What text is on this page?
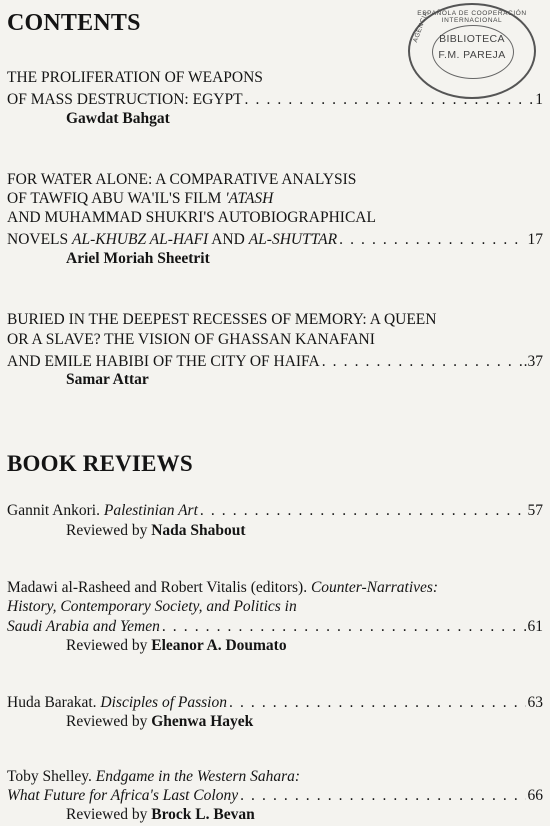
CONTENTS	ESPAÑOLA DE COOPERACIÓN INTERNACIONAL
AGENCIA BIBLIOTECA
F.M. PAREJA
THE PROLIFERATION OF WEAPONS
OF MASS DESTRUCTION: EGYPT . . .	1
Gawdat Bahgat
FOR WATER ALONE: A COMPARATIVE ANALYSIS
OF TAWFIQ ABU WA'IL'S FILM 'ATASH
AND MUHAMMAD SHUKRI'S AUTOBIOGRAPHICAL
NOVELS AL-KHUBZ AL-HAFI AND AL-SHUTTAR . . .	17
Ariel Moriah Sheetrit
BURIED IN THE DEEPEST RECESSES OF MEMORY: A QUEEN
OR A SLAVE? THE VISION OF GHASSAN KANAFANI
AND EMILE HABIBI OF THE CITY OF HAIFA . . .	.37
Samar Attar
BOOK REVIEWS
Gannit Ankori. Palestinian Art . . .	57
Reviewed by Nada Shabout
Madawi al-Rasheed and Robert Vitalis (editors). Counter-Narratives:
History, Contemporary Society, and Politics in
Saudi Arabia and Yemen . . .	61
Reviewed by Eleanor A. Doumato
Huda Barakat. Disciples of Passion . . .	63
Reviewed by Ghenwa Hayek
Toby Shelley. Endgame in the Western Sahara:
What Future for Africa's Last Colony . . .	66
Reviewed by Brock L. Bevan
